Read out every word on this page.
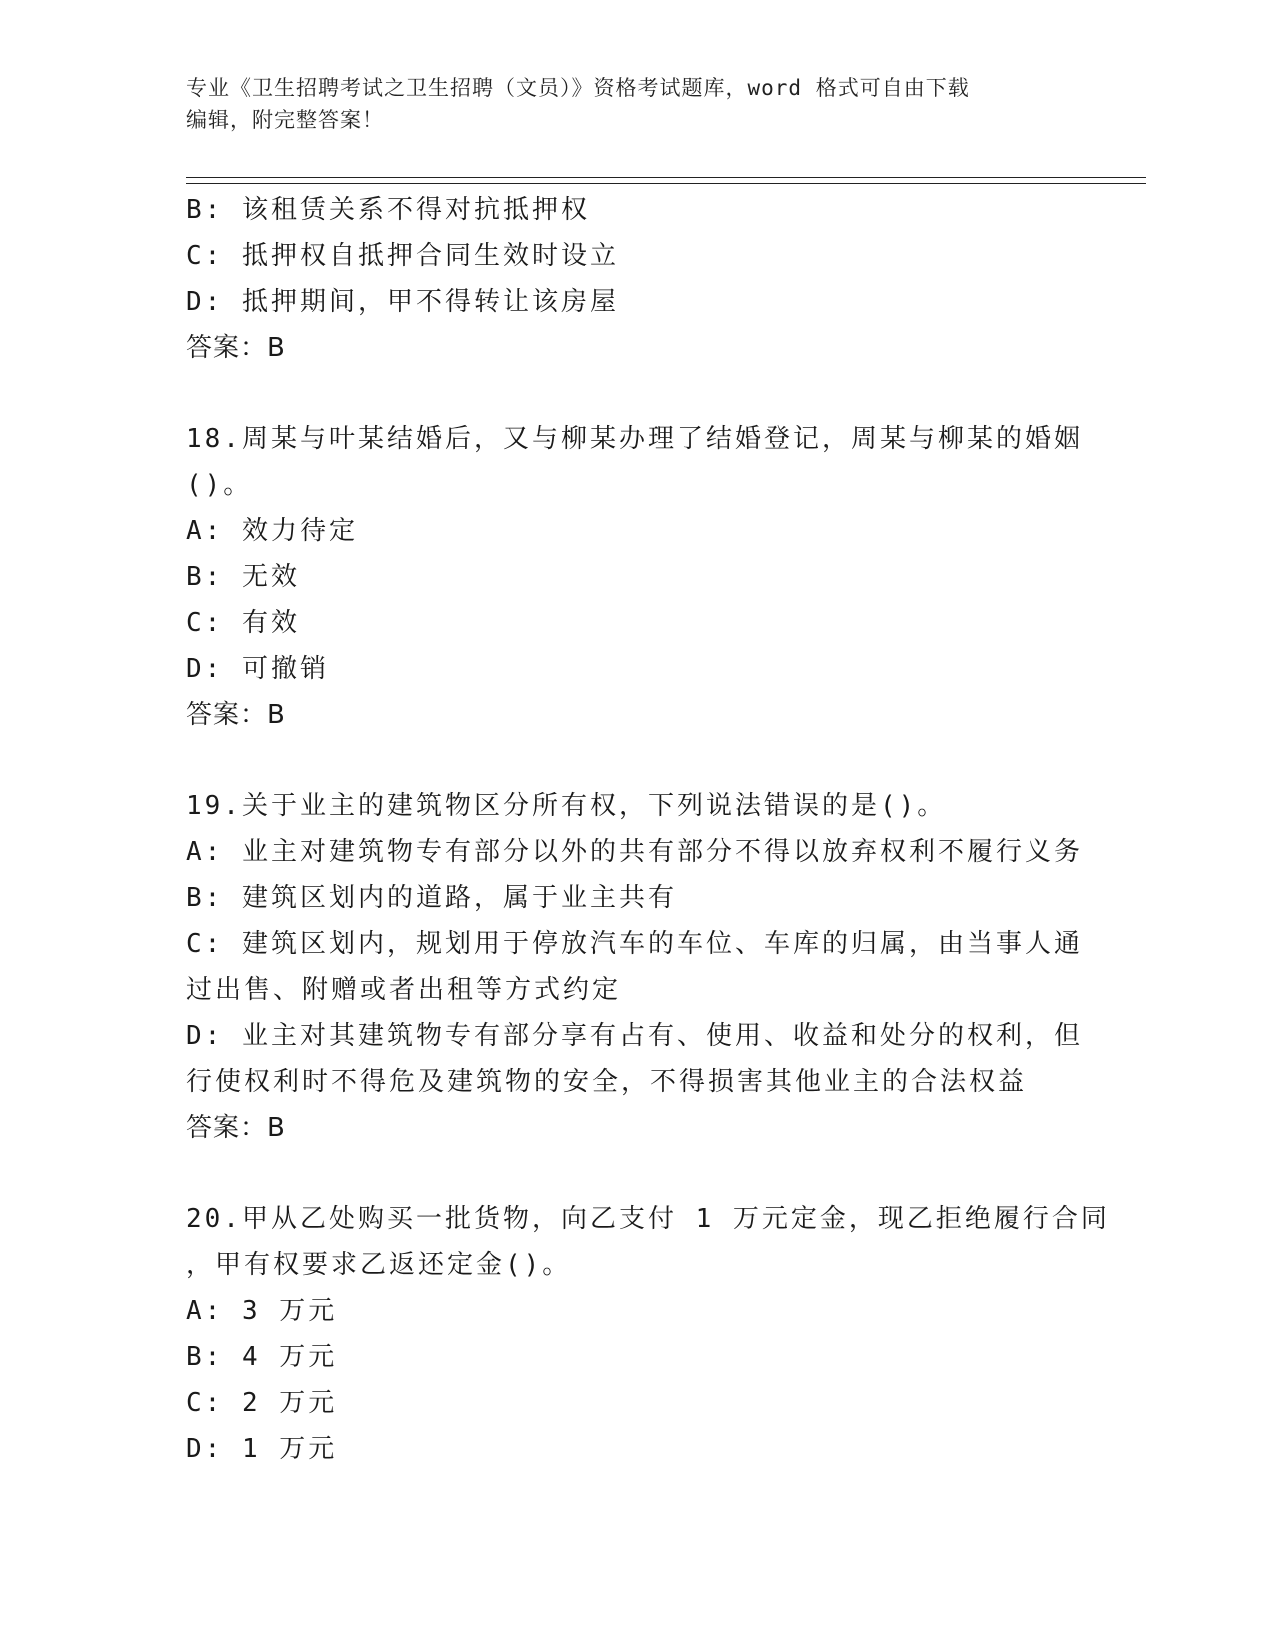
专业《卫生招聘考试之卫生招聘（文员）》资格考试题库，word 格式可自由下载
编辑，附完整答案！
B: 该租赁关系不得对抗抵押权
C: 抵押权自抵押合同生效时设立
D: 抵押期间，甲不得转让该房屋
答案：B
18.周某与叶某结婚后，又与柳某办理了结婚登记，周某与柳某的婚姻
()。
A: 效力待定
B: 无效
C: 有效
D: 可撤销
答案：B
19.关于业主的建筑物区分所有权，下列说法错误的是()。
A: 业主对建筑物专有部分以外的共有部分不得以放弃权利不履行义务
B: 建筑区划内的道路，属于业主共有
C: 建筑区划内，规划用于停放汽车的车位、车库的归属，由当事人通
过出售、附赠或者出租等方式约定
D: 业主对其建筑物专有部分享有占有、使用、收益和处分的权利，但
行使权利时不得危及建筑物的安全，不得损害其他业主的合法权益
答案：B
20.甲从乙处购买一批货物，向乙支付 1 万元定金，现乙拒绝履行合同
，甲有权要求乙返还定金()。
A: 3 万元
B: 4 万元
C: 2 万元
D: 1 万元
